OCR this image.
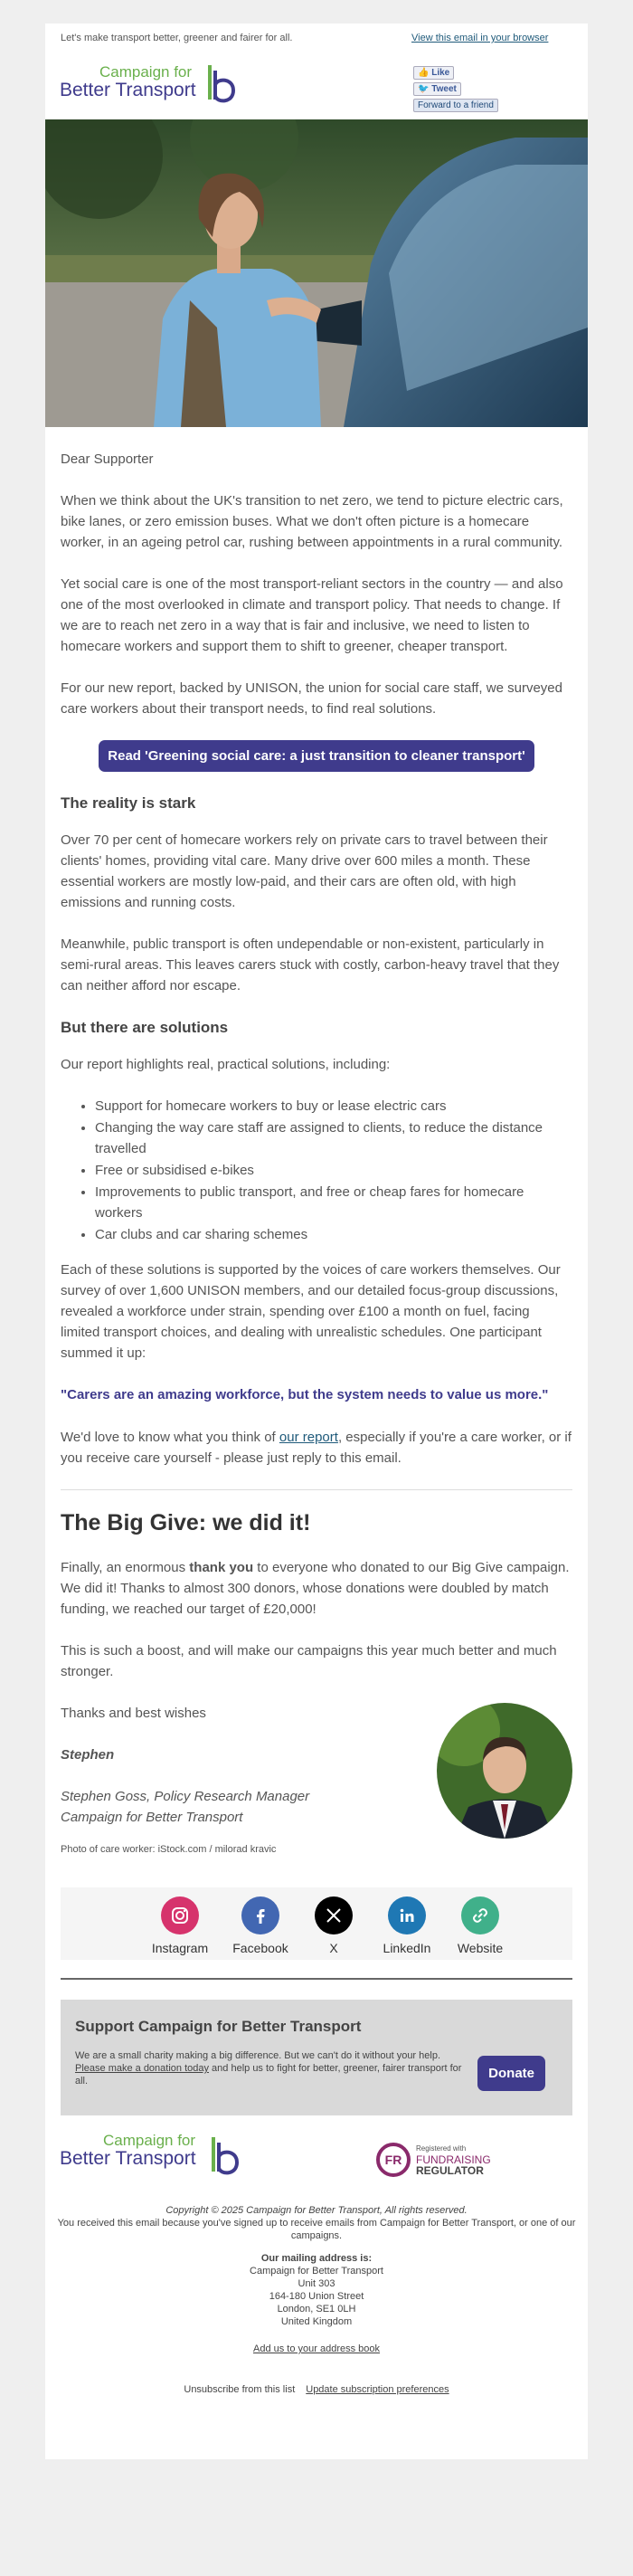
Let's make transport better, greener and fairer for all.	View this email in your browser
Campaign for
Better Transport
👍 Like
🐦 Tweet
Forward to a friend

Dear Supporter

When we think about the UK's transition to net zero, we tend to picture electric cars, bike lanes, or zero emission buses. What we don't often picture is a homecare worker, in an ageing petrol car, rushing between appointments in a rural community.

Yet social care is one of the most transport-reliant sectors in the country — and also one of the most overlooked in climate and transport policy. That needs to change. If we are to reach net zero in a way that is fair and inclusive, we need to listen to homecare workers and support them to shift to greener, cheaper transport.

For our new report, backed by UNISON, the union for social care staff, we surveyed care workers about their transport needs, to find real solutions.

Read 'Greening social care: a just transition to cleaner transport'
The reality is stark

Over 70 per cent of homecare workers rely on private cars to travel between their clients' homes, providing vital care. Many drive over 600 miles a month. These essential workers are mostly low-paid, and their cars are often old, with high emissions and running costs.

Meanwhile, public transport is often undependable or non-existent, particularly in semi-rural areas. This leaves carers stuck with costly, carbon-heavy travel that they can neither afford nor escape.

But there are solutions

Our report highlights real, practical solutions, including:

• Support for homecare workers to buy or lease electric cars
• Changing the way care staff are assigned to clients, to reduce the distance travelled
• Free or subsidised e-bikes
• Improvements to public transport, and free or cheap fares for homecare workers
• Car clubs and car sharing schemes

Each of these solutions is supported by the voices of care workers themselves. Our survey of over 1,600 UNISON members, and our detailed focus-group discussions, revealed a workforce under strain, spending over £100 a month on fuel, facing limited transport choices, and dealing with unrealistic schedules. One participant summed it up:

"Carers are an amazing workforce, but the system needs to value us more."

We'd love to know what you think of our report, especially if you're a care worker, or if you receive care yourself - please just reply to this email.

The Big Give: we did it!

Finally, an enormous thank you to everyone who donated to our Big Give campaign. We did it! Thanks to almost 300 donors, whose donations were doubled by match funding, we reached our target of £20,000!

This is such a boost, and will make our campaigns this year much better and much stronger.

Thanks and best wishes

Stephen

Stephen Goss, Policy Research Manager
Campaign for Better Transport

Photo of care worker: iStock.com / milorad kravic
Instagram	Facebook	X	LinkedIn	Website
Support Campaign for Better Transport
We are a small charity making a big difference. But we can't do it without your help. Please make a donation today and help us to fight for better, greener, fairer transport for all.	Donate
Campaign for
Better Transport	FR
Registered with
FUNDRAISING
REGULATOR
Copyright © 2025 Campaign for Better Transport, All rights reserved.
You received this email because you've signed up to receive emails from Campaign for Better Transport, or one of our campaigns.
Our mailing address is:
Campaign for Better Transport
Unit 303
164-180 Union Street
London, SE1 0LH
United Kingdom
Add us to your address book
Unsubscribe from this list Update subscription preferences
